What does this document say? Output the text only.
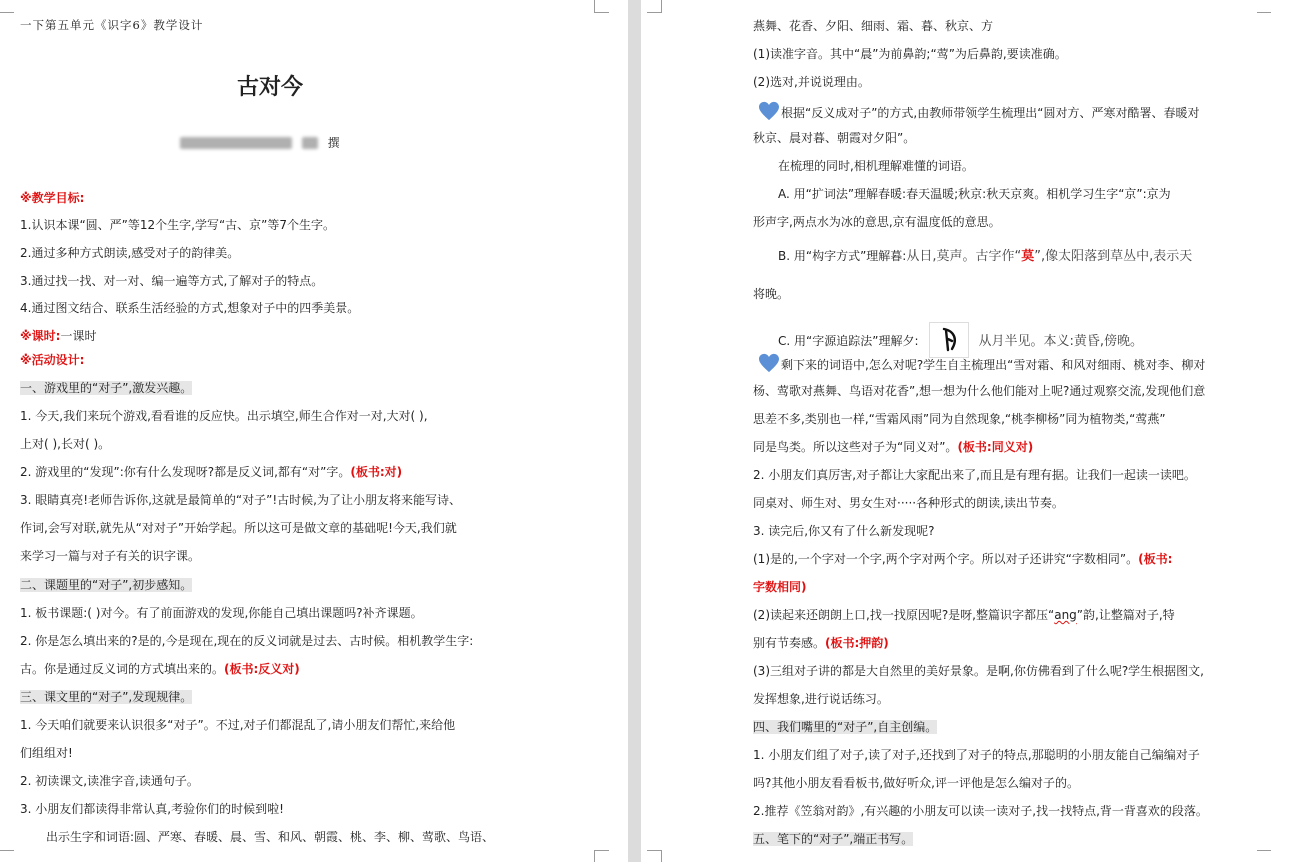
一下第五单元《识字6》教学设计
古对今
撰
※教学目标:
1.认识本课“圆、严”等12个生字,学写“古、京”等7个生字。
2.通过多种方式朗读,感受对子的韵律美。
3.通过找一找、对一对、编一遍等方式,了解对子的特点。
4.通过图文结合、联系生活经验的方式,想象对子中的四季美景。
※课时:一课时
※活动设计:
一、游戏里的“对子”,激发兴趣。
1. 今天,我们来玩个游戏,看看谁的反应快。出示填空,师生合作对一对,大对( ),
上对( ),长对( )。
2. 游戏里的“发现”:你有什么发现呀?都是反义词,都有“对”字。(板书:对)
3. 眼睛真亮!老师告诉你,这就是最简单的“对子”!古时候,为了让小朋友将来能写诗、
作词,会写对联,就先从“对对子”开始学起。所以这可是做文章的基础呢!今天,我们就
来学习一篇与对子有关的识字课。
二、课题里的“对子”,初步感知。
1. 板书课题:( )对今。有了前面游戏的发现,你能自己填出课题吗?补齐课题。
2. 你是怎么填出来的?是的,今是现在,现在的反义词就是过去、古时候。相机教学生字:
古。你是通过反义词的方式填出来的。(板书:反义对)
三、课文里的“对子”,发现规律。
1. 今天咱们就要来认识很多“对子”。不过,对子们都混乱了,请小朋友们帮忙,来给他
们组组对!
2. 初读课文,读准字音,读通句子。
3. 小朋友们都读得非常认真,考验你们的时候到啦!
出示生字和词语:圆、严寒、春暖、晨、雪、和风、朝霞、桃、李、柳、莺歌、鸟语、
燕舞、花香、夕阳、细雨、霜、暮、秋京、方
(1)读准字音。其中“晨”为前鼻韵;“莺”为后鼻韵,要读准确。
(2)选对,并说说理由。
根据“反义成对子”的方式,由教师带领学生梳理出“圆对方、严寒对酷署、春暖对
秋京、晨对暮、朝霞对夕阳”。
在梳理的同时,相机理解难懂的词语。
A. 用“扩词法”理解春暖:春天温暖;秋京:秋天京爽。相机学习生字“京”:京为
形声字,两点水为冰的意思,京有温度低的意思。
B. 用“构字方式”理解暮:从日,莫声。古字作“莫”,像太阳落到草丛中,表示天
将晚。
C. 用“字源追踪法”理解夕:	从月半见。本义:黄昏,傍晚。
剩下来的词语中,怎么对呢?学生自主梳理出“雪对霜、和风对细雨、桃对李、柳对
杨、莺歌对燕舞、鸟语对花香”,想一想为什么他们能对上呢?通过观察交流,发现他们意
思差不多,类别也一样,“雪霜风雨”同为自然现象,“桃李柳杨”同为植物类,“莺燕”
同是鸟类。所以这些对子为“同义对”。(板书:同义对)
2. 小朋友们真厉害,对子都让大家配出来了,而且是有理有据。让我们一起读一读吧。
同桌对、师生对、男女生对·····各种形式的朗读,读出节奏。
3. 读完后,你又有了什么新发现呢?
(1)是的,一个字对一个字,两个字对两个字。所以对子还讲究“字数相同”。(板书:
字数相同)
(2)读起来还朗朗上口,找一找原因呢?是呀,整篇识字都压“ang”韵,让整篇对子,特
别有节奏感。(板书:押韵)
(3)三组对子讲的都是大自然里的美好景象。是啊,你仿佛看到了什么呢?学生根据图文,
发挥想象,进行说话练习。
四、我们嘴里的“对子”,自主创编。
1. 小朋友们组了对子,读了对子,还找到了对子的特点,那聪明的小朋友能自己编编对子
吗?其他小朋友看看板书,做好听众,评一评他是怎么编对子的。
2.推荐《笠翁对韵》,有兴趣的小朋友可以读一读对子,找一找特点,背一背喜欢的段落。
五、笔下的“对子”,端正书写。
